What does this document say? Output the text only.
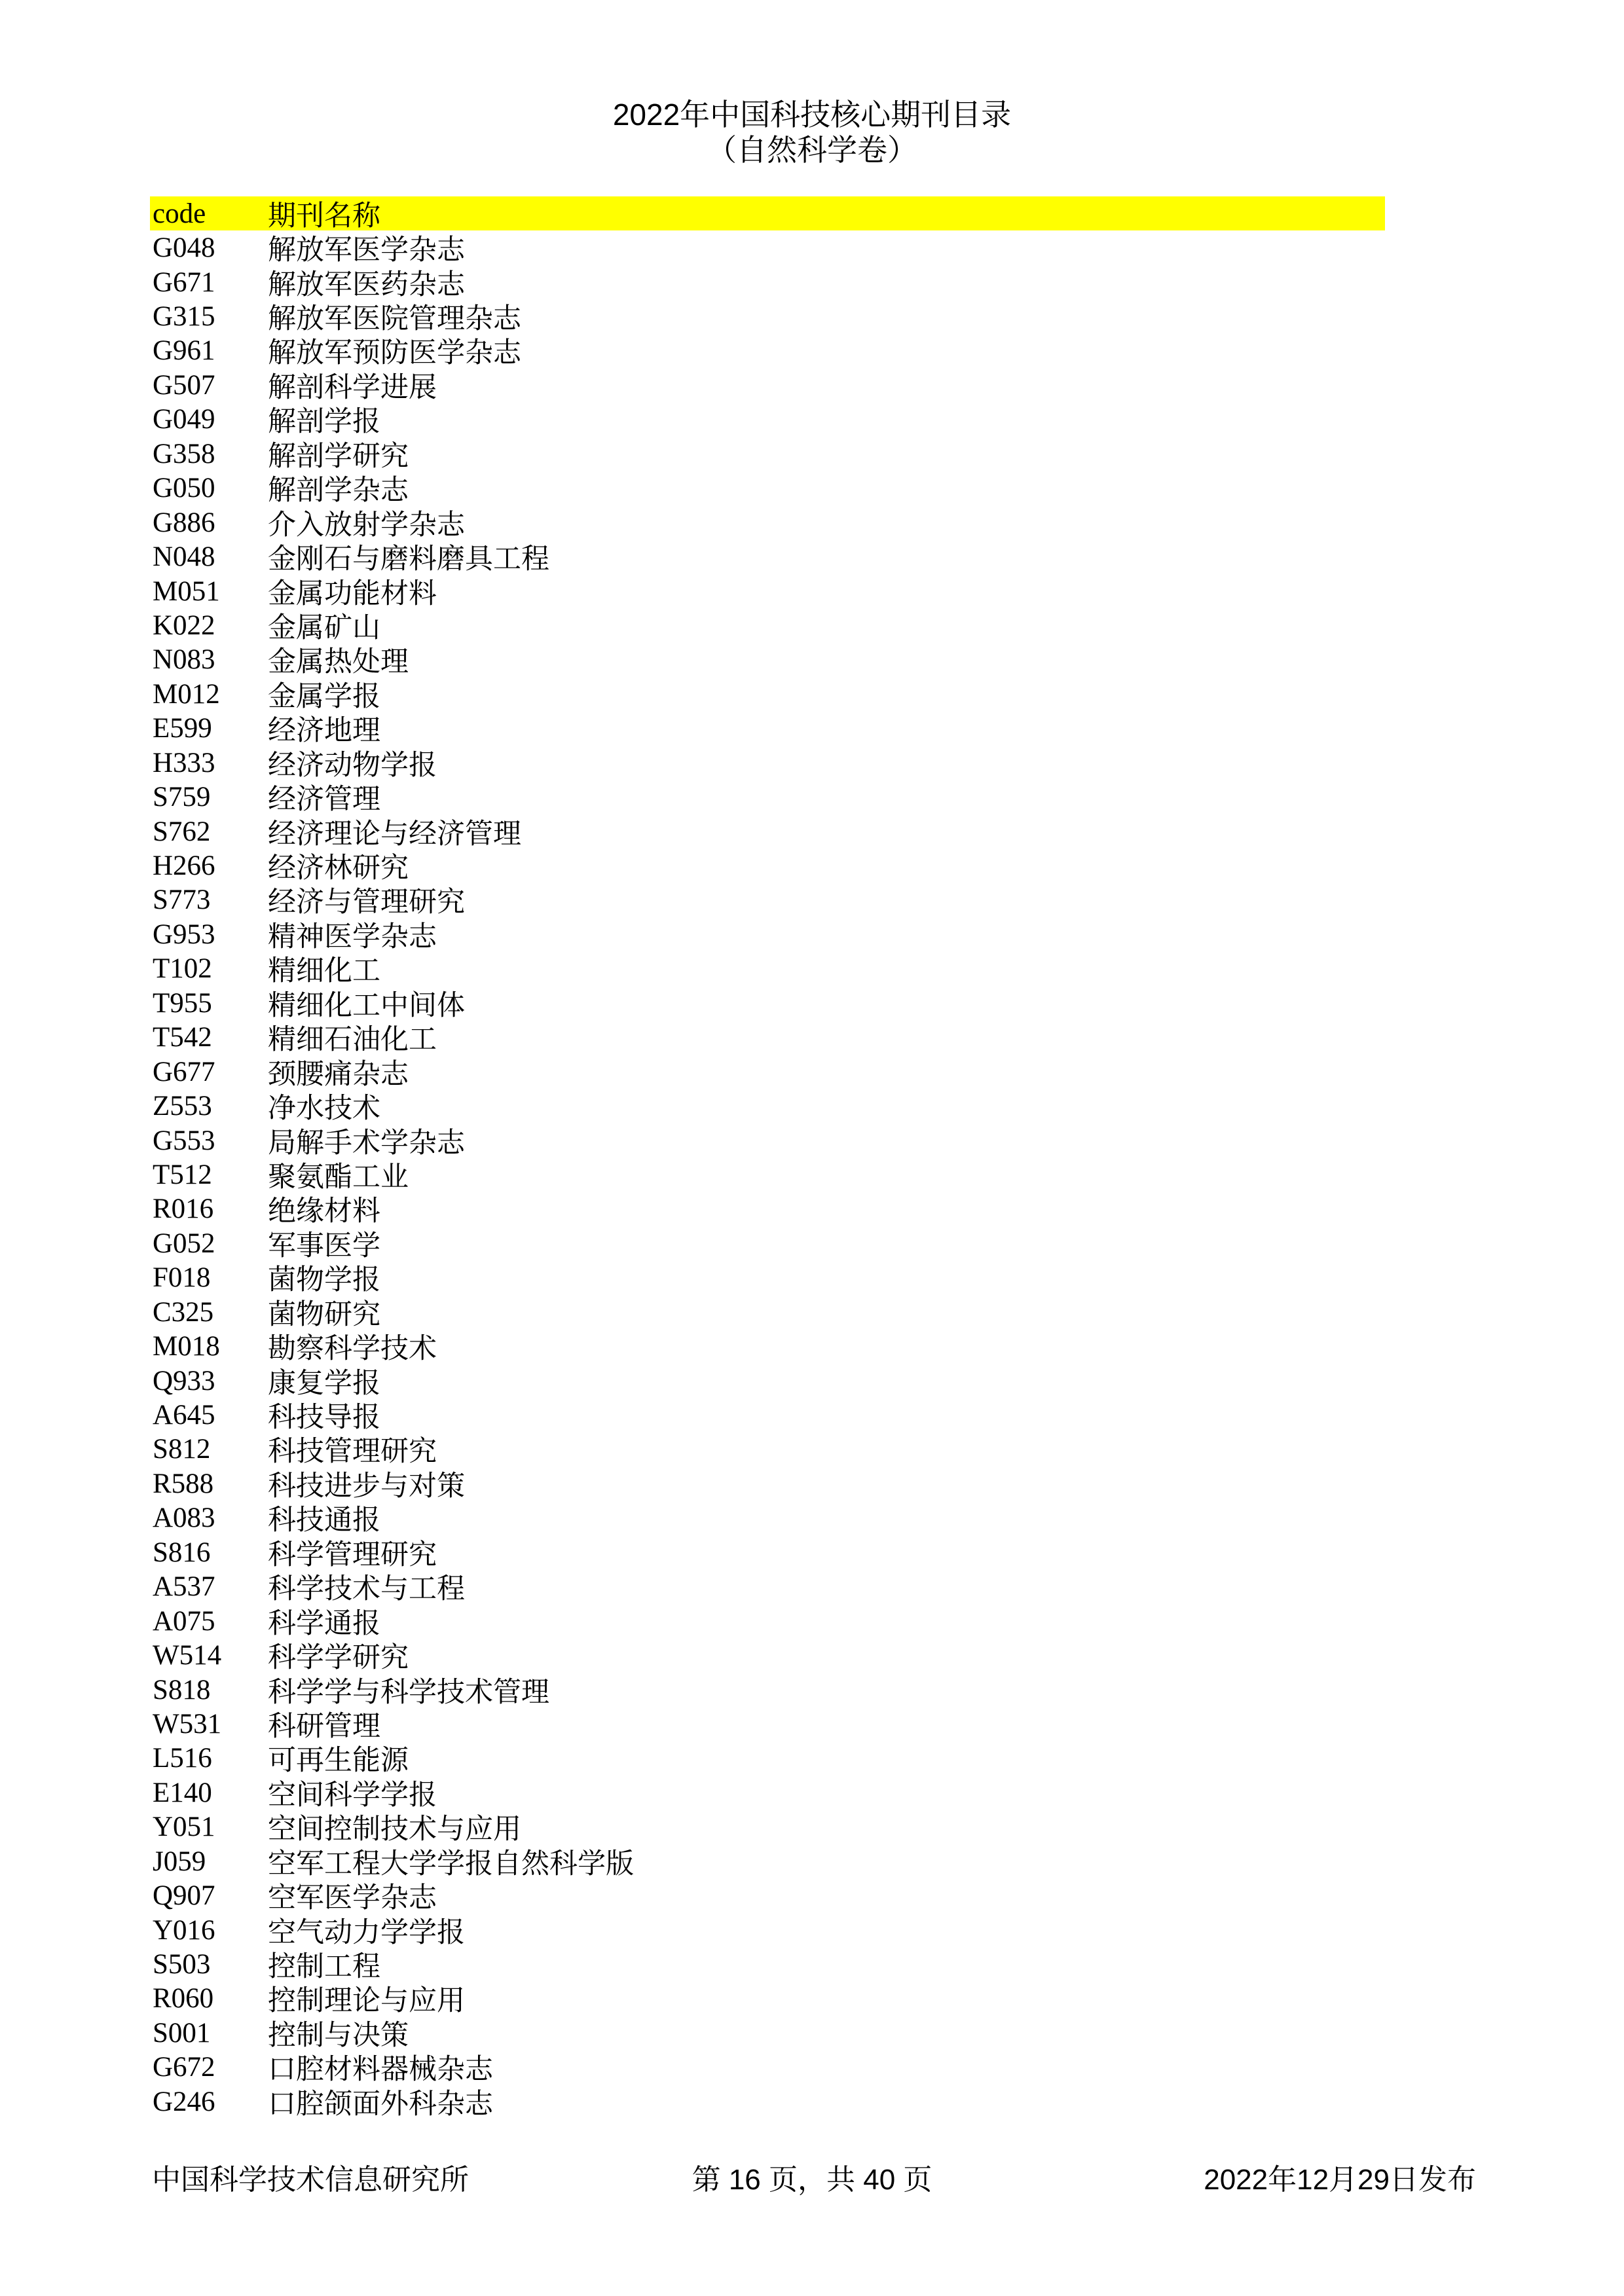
2022年中国科技核心期刊目录
（自然科学卷）
code	期刊名称
G048	解放军医学杂志
G671	解放军医药杂志
G315	解放军医院管理杂志
G961	解放军预防医学杂志
G507	解剖科学进展
G049	解剖学报
G358	解剖学研究
G050	解剖学杂志
G886	介入放射学杂志
N048	金刚石与磨料磨具工程
M051	金属功能材料
K022	金属矿山
N083	金属热处理
M012	金属学报
E599	经济地理
H333	经济动物学报
S759	经济管理
S762	经济理论与经济管理
H266	经济林研究
S773	经济与管理研究
G953	精神医学杂志
T102	精细化工
T955	精细化工中间体
T542	精细石油化工
G677	颈腰痛杂志
Z553	净水技术
G553	局解手术学杂志
T512	聚氨酯工业
R016	绝缘材料
G052	军事医学
F018	菌物学报
C325	菌物研究
M018	勘察科学技术
Q933	康复学报
A645	科技导报
S812	科技管理研究
R588	科技进步与对策
A083	科技通报
S816	科学管理研究
A537	科学技术与工程
A075	科学通报
W514	科学学研究
S818	科学学与科学技术管理
W531	科研管理
L516	可再生能源
E140	空间科学学报
Y051	空间控制技术与应用
J059	空军工程大学学报自然科学版
Q907	空军医学杂志
Y016	空气动力学学报
S503	控制工程
R060	控制理论与应用
S001	控制与决策
G672	口腔材料器械杂志
G246	口腔颌面外科杂志
中国科学技术信息研究所	第 16 页，共 40 页	2022年12月29日发布
